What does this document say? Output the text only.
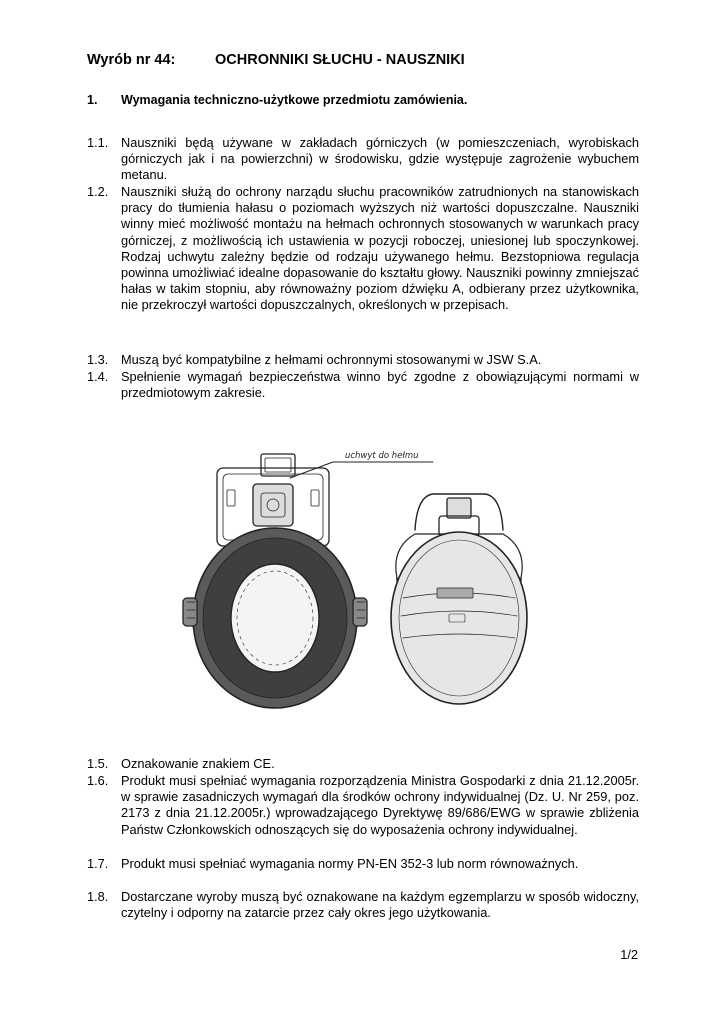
Wyrób nr 44:	OCHRONNIKI SŁUCHU - NAUSZNIKI
1. Wymagania techniczno-użytkowe przedmiotu zamówienia.
1.1. Nauszniki będą używane w zakładach górniczych (w pomieszczeniach, wyrobiskach górniczych jak i na powierzchni) w środowisku, gdzie występuje zagrożenie wybuchem metanu.
1.2. Nauszniki służą do ochrony narządu słuchu pracowników zatrudnionych na stanowiskach pracy do tłumienia hałasu o poziomach wyższych niż wartości dopuszczalne. Nauszniki winny mieć możliwość montażu na hełmach ochronnych stosowanych w warunkach pracy górniczej, z możliwością ich ustawienia w pozycji roboczej, uniesionej lub spoczynkowej. Rodzaj uchwytu zależny będzie od rodzaju używanego hełmu. Bezstopniowa regulacja powinna umożliwiać idealne dopasowanie do kształtu głowy. Nauszniki powinny zmniejszać hałas w takim stopniu, aby równoważny poziom dźwięku A, odbierany przez użytkownika, nie przekroczył wartości dopuszczalnych, określonych w przepisach.
1.3. Muszą być kompatybilne z hełmami ochronnymi stosowanymi w JSW S.A.
1.4. Spełnienie wymagań bezpieczeństwa winno być zgodne z obowiązującymi normami w przedmiotowym zakresie.
uchwyt do hełmu
1.5. Oznakowanie znakiem CE.
1.6. Produkt musi spełniać wymagania rozporządzenia Ministra Gospodarki z dnia 21.12.2005r. w sprawie zasadniczych wymagań dla środków ochrony indywidualnej (Dz. U. Nr 259, poz. 2173 z dnia 21.12.2005r.) wprowadzającego Dyrektywę 89/686/EWG w sprawie zbliżenia Państw Członkowskich odnoszących się do wyposażenia ochrony indywidualnej.
1.7. Produkt musi spełniać wymagania normy PN-EN 352-3 lub norm równoważnych.
1.8. Dostarczane wyroby muszą być oznakowane na każdym egzemplarzu w sposób widoczny, czytelny i odporny na zatarcie przez cały okres jego użytkowania.
1/2
